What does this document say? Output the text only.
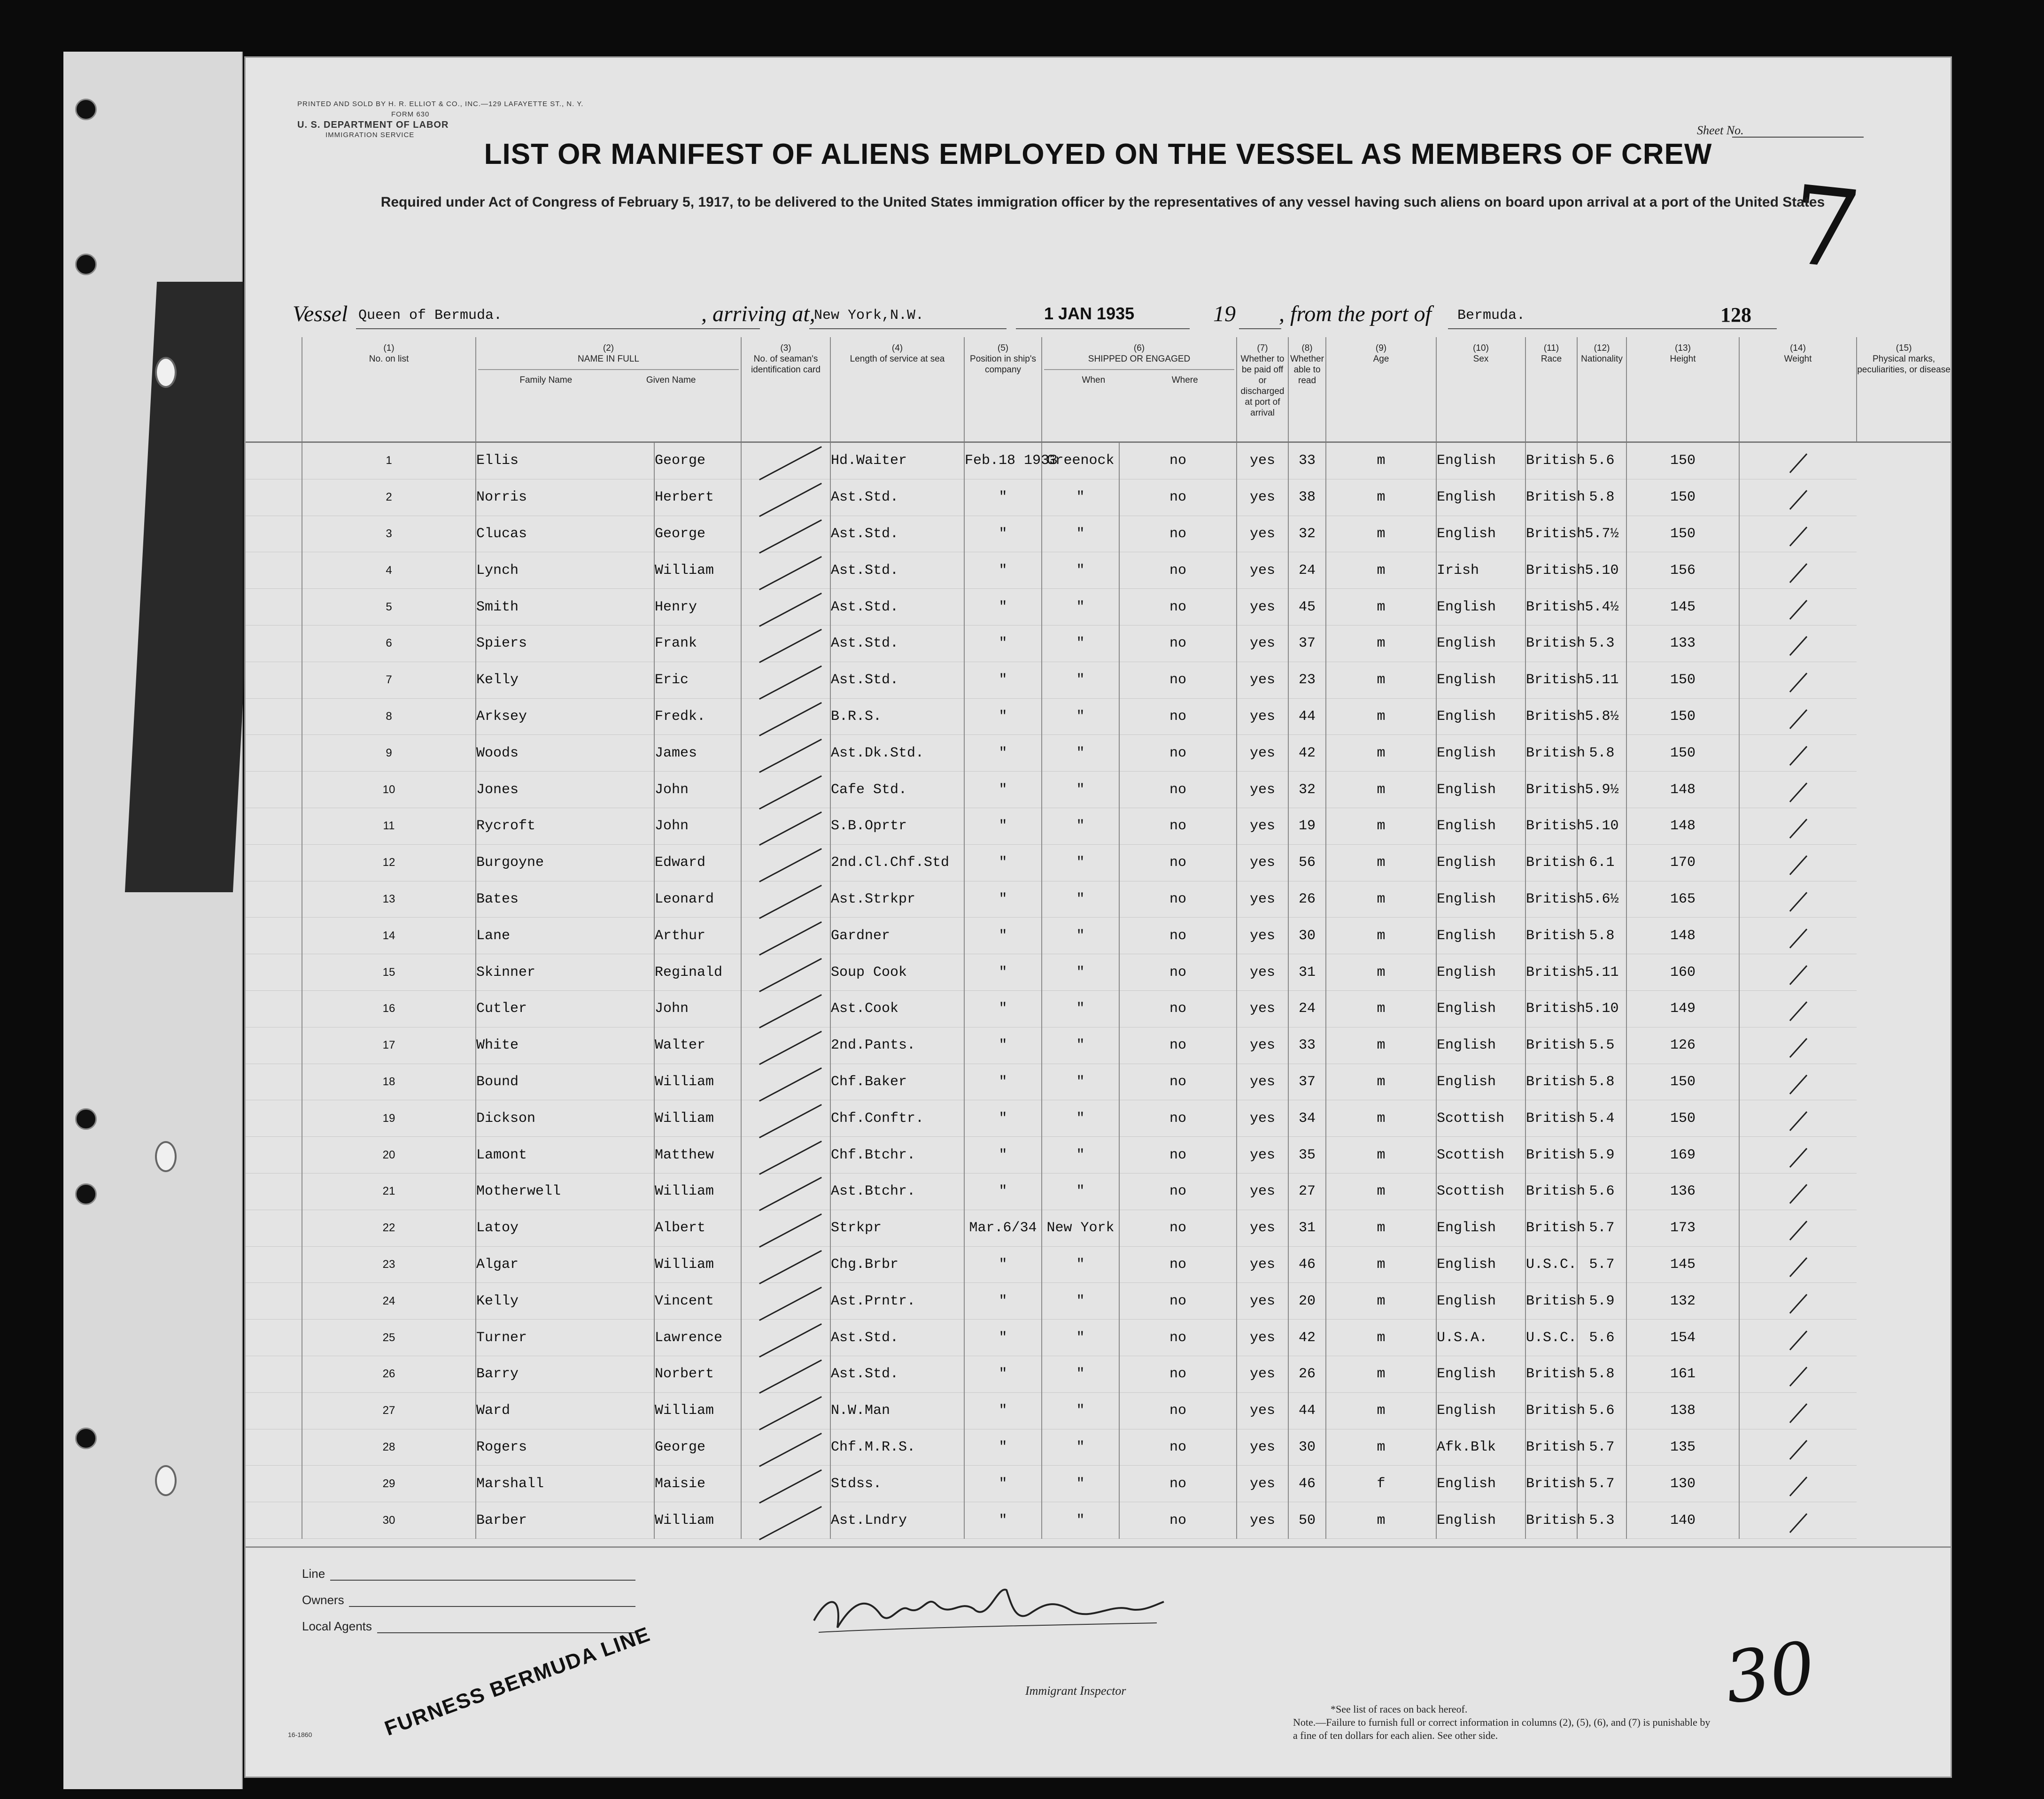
PRINTED AND SOLD BY H. R. ELLIOT & CO., INC.—129 LAFAYETTE ST., N. Y.
FORM 630
U. S. DEPARTMENT OF LABOR
IMMIGRATION SERVICE	Sheet No.
7
LIST OR MANIFEST OF ALIENS EMPLOYED ON THE VESSEL AS MEMBERS OF CREW
Required under Act of Congress of February 5, 1917, to be delivered to the United States immigration officer by the representatives of any vessel having such aliens on board upon arrival at a port of the United States
Vessel Queen of Bermuda.	, arriving at,
New York,N.W.	1 JAN 1935	19 , from the port of Bermuda.	128
	(1)
No. on list	(2)
NAME IN FULL
Family Name Given Name		(3)
No. of seaman's identification card	(4)
Length of service at sea	(5)
Position in ship's company	(6)
SHIPPED OR ENGAGED
When Where		(7)
Whether to be paid off or discharged at port of arrival	(8)
Whether able to read	(9)
Age	(10)
Sex	(11)
Race	(12)
Nationality	(13)
Height	(14)
Weight	(15)
Physical marks, peculiarities, or disease
	1	Ellis	George		Hd.Waiter	Feb.18 1933	Greenock	no	yes	33	m	English	British	5.6	150		
	2	Norris	Herbert		Ast.Std.	"	"	no	yes	38	m	English	British	5.8	150		
	3	Clucas	George		Ast.Std.	"	"	no	yes	32	m	English	British	5.7½	150		
	4	Lynch	William		Ast.Std.	"	"	no	yes	24	m	Irish	British	5.10	156		
	5	Smith	Henry		Ast.Std.	"	"	no	yes	45	m	English	British	5.4½	145		
	6	Spiers	Frank		Ast.Std.	"	"	no	yes	37	m	English	British	5.3	133		
	7	Kelly	Eric		Ast.Std.	"	"	no	yes	23	m	English	British	5.11	150		
	8	Arksey	Fredk.		B.R.S.	"	"	no	yes	44	m	English	British	5.8½	150		
	9	Woods	James		Ast.Dk.Std.	"	"	no	yes	42	m	English	British	5.8	150		
	10	Jones	John		Cafe Std.	"	"	no	yes	32	m	English	British	5.9½	148		
	11	Rycroft	John		S.B.Oprtr	"	"	no	yes	19	m	English	British	5.10	148		
	12	Burgoyne	Edward		2nd.Cl.Chf.Std	"	"	no	yes	56	m	English	British	6.1	170		
	13	Bates	Leonard		Ast.Strkpr	"	"	no	yes	26	m	English	British	5.6½	165		
	14	Lane	Arthur		Gardner	"	"	no	yes	30	m	English	British	5.8	148		
	15	Skinner	Reginald		Soup Cook	"	"	no	yes	31	m	English	British	5.11	160		
	16	Cutler	John		Ast.Cook	"	"	no	yes	24	m	English	British	5.10	149		
	17	White	Walter		2nd.Pants.	"	"	no	yes	33	m	English	British	5.5	126		
	18	Bound	William		Chf.Baker	"	"	no	yes	37	m	English	British	5.8	150		
	19	Dickson	William		Chf.Conftr.	"	"	no	yes	34	m	Scottish	British	5.4	150		
	20	Lamont	Matthew		Chf.Btchr.	"	"	no	yes	35	m	Scottish	British	5.9	169		
	21	Motherwell	William		Ast.Btchr.	"	"	no	yes	27	m	Scottish	British	5.6	136		
	22	Latoy	Albert		Strkpr	Mar.6/34	New York	no	yes	31	m	English	British	5.7	173		
	23	Algar	William		Chg.Brbr	"	"	no	yes	46	m	English	U.S.C.	5.7	145		
	24	Kelly	Vincent		Ast.Prntr.	"	"	no	yes	20	m	English	British	5.9	132		
	25	Turner	Lawrence		Ast.Std.	"	"	no	yes	42	m	U.S.A.	U.S.C.	5.6	154		
	26	Barry	Norbert		Ast.Std.	"	"	no	yes	26	m	English	British	5.8	161		
	27	Ward	William		N.W.Man	"	"	no	yes	44	m	English	British	5.6	138		
	28	Rogers	George		Chf.M.R.S.	"	"	no	yes	30	m	Afk.Blk	British	5.7	135		
	29	Marshall	Maisie		Stdss.	"	"	no	yes	46	f	English	British	5.7	130		
	30	Barber	William		Ast.Lndry	"	"	no	yes	50	m	English	British	5.3	140		
Line
Owners
Local Agents
16-1860	FURNESS BERMUDA LINE	Immigrant Inspector
*See list of races on back hereof.
Note.—Failure to furnish full or correct information in columns (2), (5), (6), and (7) is punishable by a fine of ten dollars for each alien. See other side.
30
